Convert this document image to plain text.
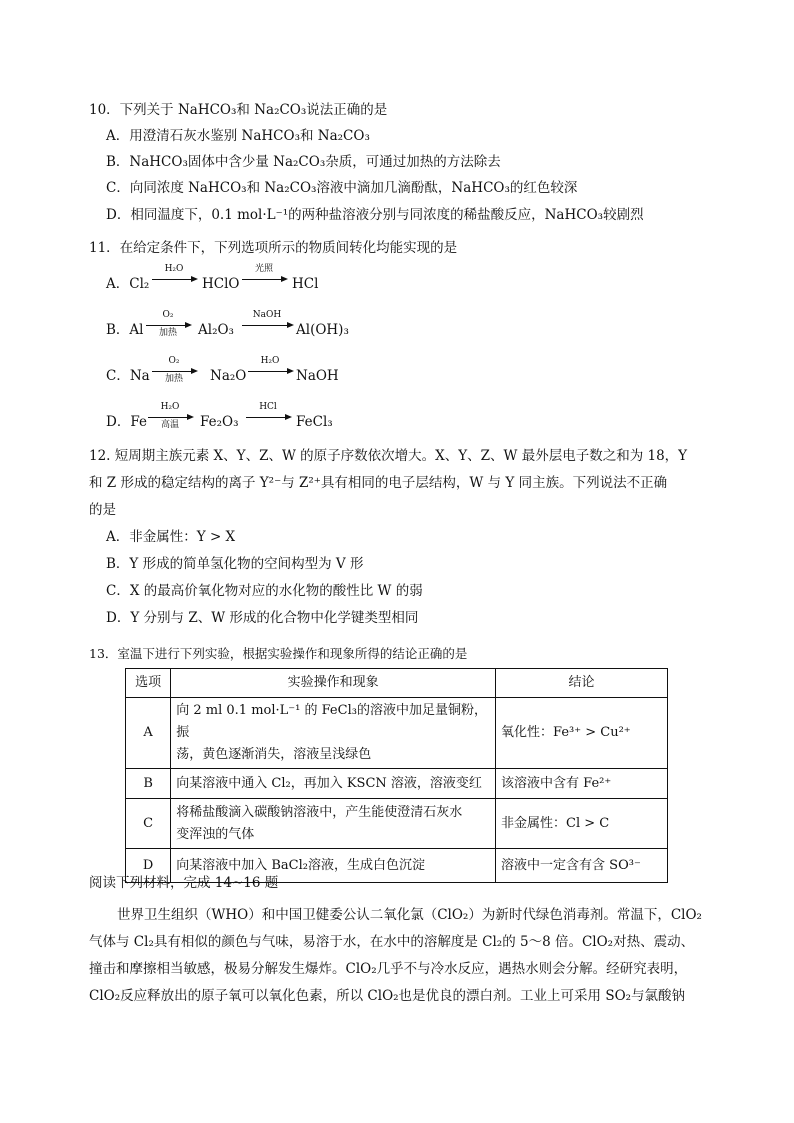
10．下列关于 NaHCO₃和 Na₂CO₃说法正确的是
A．用澄清石灰水鉴别 NaHCO₃和 Na₂CO₃
B．NaHCO₃固体中含少量 Na₂CO₃杂质，可通过加热的方法除去
C．向同浓度 NaHCO₃和 Na₂CO₃溶液中滴加几滴酚酞，NaHCO₃的红色较深
D．相同温度下，0.1 mol·L⁻¹的两种盐溶液分别与同浓度的稀盐酸反应，NaHCO₃较剧烈
11．在给定条件下，下列选项所示的物质间转化均能实现的是
A．Cl₂
H₂O
HClO
光照
HCl
B．Al
O₂
加热	Al₂O₃
NaOH
Al(OH)₃
C．Na
O₂
加热	Na₂O
H₂O
NaOH
D．Fe
H₂O
高温	Fe₂O₃
HCl
FeCl₃
12. 短周期主族元素 X、Y、Z、W 的原子序数依次增大。X、Y、Z、W 最外层电子数之和为 18，Y
和 Z 形成的稳定结构的离子 Y²⁻与 Z²⁺具有相同的电子层结构，W 与 Y 同主族。下列说法不正确
的是
A．非金属性：Y > X
B．Y 形成的简单氢化物的空间构型为 V 形
C．X 的最高价氧化物对应的水化物的酸性比 W 的弱
D．Y 分别与 Z、W 形成的化合物中化学键类型相同
13．室温下进行下列实验，根据实验操作和现象所得的结论正确的是
选项	实验操作和现象	结论
A	向 2 ml 0.1 mol·L⁻¹ 的 FeCl₃的溶液中加足量铜粉，振
荡，黄色逐渐消失，溶液呈浅绿色	氧化性：Fe³⁺ > Cu²⁺
B	向某溶液中通入 Cl₂，再加入 KSCN 溶液，溶液变红	该溶液中含有 Fe²⁺
C	将稀盐酸滴入碳酸钠溶液中，产生能使澄清石灰水
变浑浊的气体	非金属性：Cl > C
D	向某溶液中加入 BaCl₂溶液，生成白色沉淀	溶液中一定含有含 SO³⁻
阅读下列材料，完成 14~16 题
世界卫生组织（WHO）和中国卫健委公认二氧化氯（ClO₂）为新时代绿色消毒剂。常温下，ClO₂
气体与 Cl₂具有相似的颜色与气味，易溶于水，在水中的溶解度是 Cl₂的 5～8 倍。ClO₂对热、震动、
撞击和摩擦相当敏感，极易分解发生爆炸。ClO₂几乎不与冷水反应，遇热水则会分解。经研究表明，
ClO₂反应释放出的原子氧可以氧化色素，所以 ClO₂也是优良的漂白剂。工业上可采用 SO₂与氯酸钠
